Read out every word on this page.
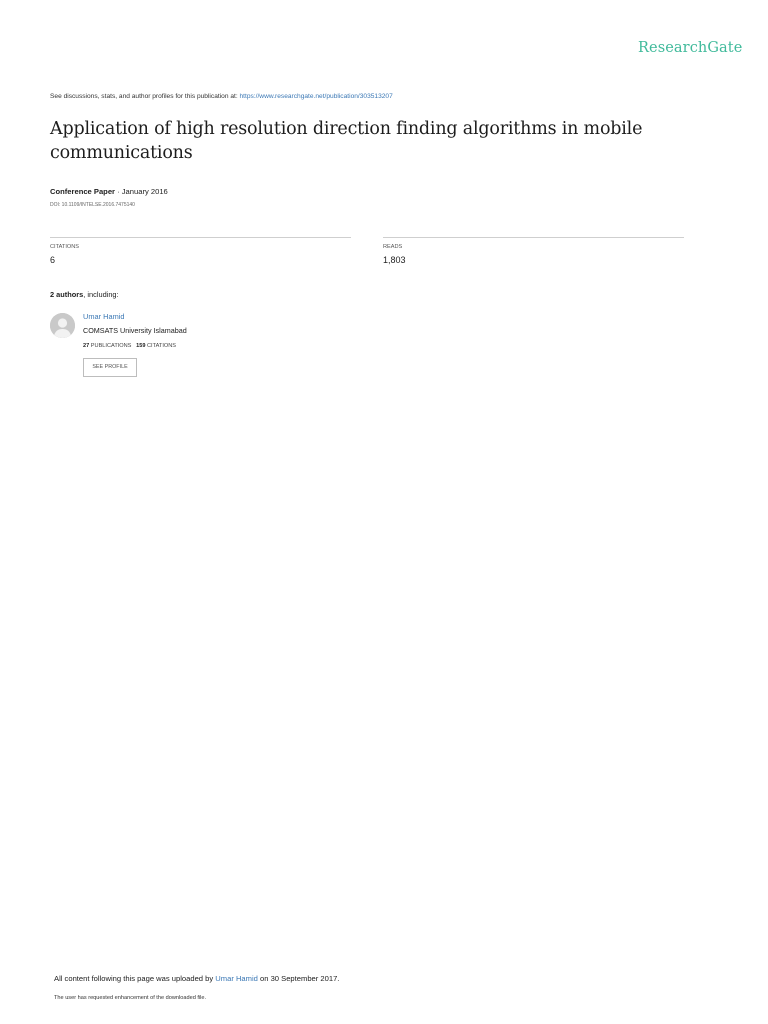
ResearchGate
See discussions, stats, and author profiles for this publication at: https://www.researchgate.net/publication/303513207
Application of high resolution direction finding algorithms in mobile communications
Conference Paper · January 2016
DOI: 10.1109/INTELSE.2016.7475140
CITATIONS
6
READS
1,803
2 authors, including:
Umar Hamid
COMSATS University Islamabad
27 PUBLICATIONS 159 CITATIONS
SEE PROFILE
All content following this page was uploaded by Umar Hamid on 30 September 2017.
The user has requested enhancement of the downloaded file.
